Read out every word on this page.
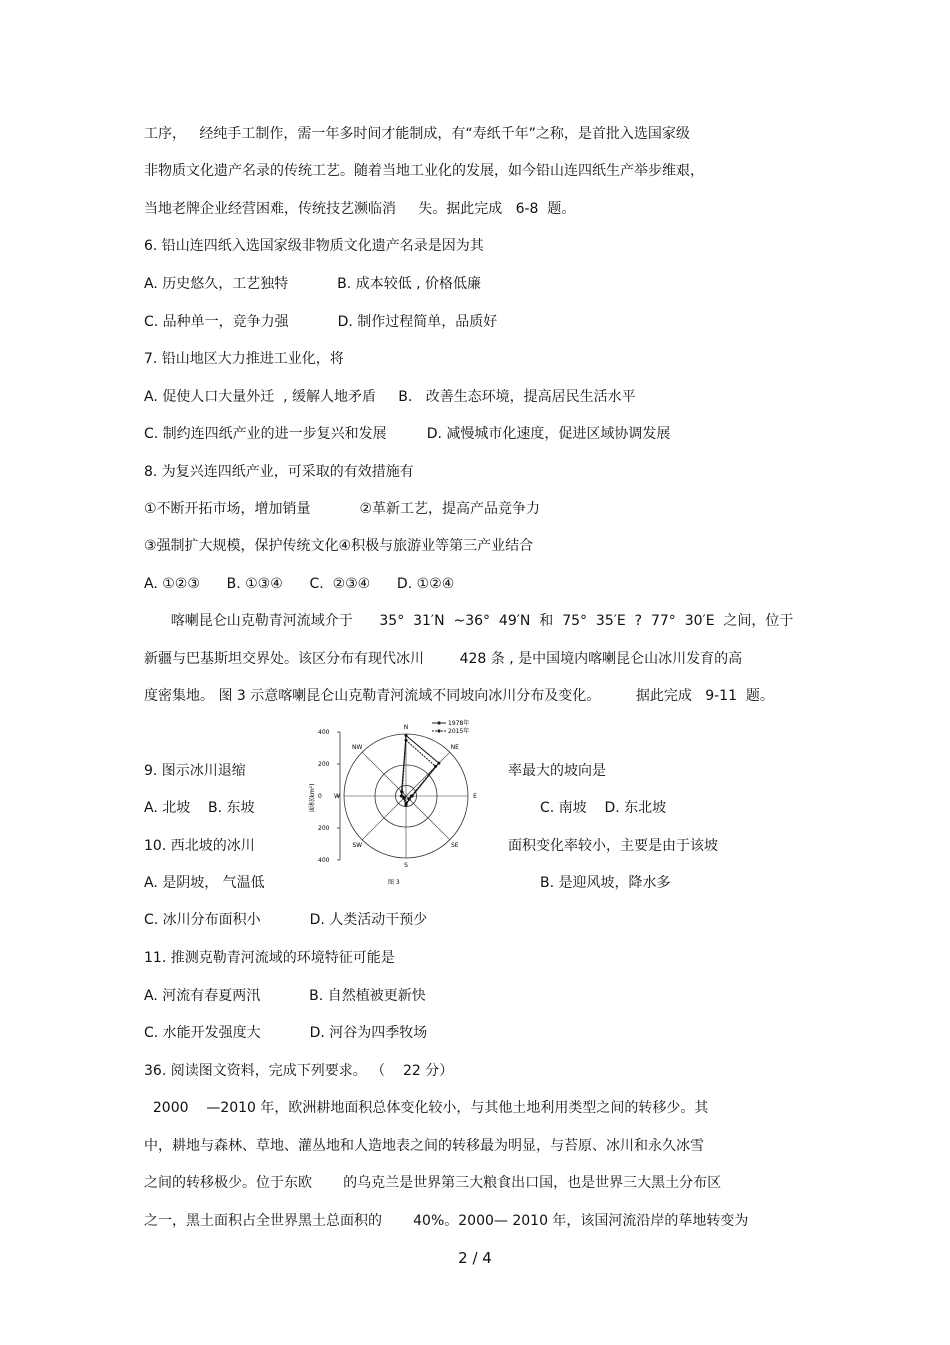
工序，   经纯手工制作，需一年多时间才能制成，有“寿纸千年”之称，是首批入选国家级
非物质文化遗产名录的传统工艺。随着当地工业化的发展，如今铅山连四纸生产举步维艰，
当地老牌企业经营困难，传统技艺濒临消     失。据此完成   6-8  题。
6. 铅山连四纸入选国家级非物质文化遗产名录是因为其
A. 历史悠久，工艺独特           B. 成本较低 , 价格低廉
C. 品种单一，竞争力强           D. 制作过程简单，品质好
7. 铅山地区大力推进工业化，将
A. 促使人口大量外迁  , 缓解人地矛盾     B.   改善生态环境，提高居民生活水平
C. 制约连四纸产业的进一步复兴和发展         D. 减慢城市化速度，促进区域协调发展
8. 为复兴连四纸产业，可采取的有效措施有
①不断开拓市场，增加销量           ②革新工艺，提高产品竞争力
③强制扩大规模，保护传统文化④积极与旅游业等第三产业结合
A. ①②③      B. ①③④      C.  ②③④      D. ①②④
喀喇昆仑山克勒青河流域介于      35°  31′N  ~36°  49′N  和  75°  35′E  ?  77°  30′E  之间，位于
新疆与巴基斯坦交界处。该区分布有现代冰川        428 条 , 是中国境内喀喇昆仑山冰川发育的高
度密集地。 图 3 示意喀喇昆仑山克勒青河流域不同坡向冰川分布及变化。        据此完成   9-11  题。
9. 图示冰川退缩	率最大的坡向是
A. 北坡    B. 东坡	C. 南坡    D. 东北坡
10. 西北坡的冰川	面积变化率较小，主要是由于该坡
A. 是阴坡， 气温低	B. 是迎风坡，降水多
C. 冰川分布面积小           D. 人类活动干预少
11. 推测克勒青河流域的环境特征可能是
A. 河流有春夏两汛           B. 自然植被更新快
C. 水能开发强度大           D. 河谷为四季牧场
36. 阅读图文资料，完成下列要求。 （    22 分）
2000    —2010 年，欧洲耕地面积总体变化较小，与其他土地利用类型之间的转移少。其
中，耕地与森林、草地、灌丛地和人造地表之间的转移最为明显，与苔原、冰川和永久冰雪
之间的转移极少。位于东欧       的乌克兰是世界第三大粮食出口国，也是世界三大黑土分布区
之一，黑土面积占全世界黑土总面积的       40%。2000— 2010 年，该国河流沿岸的荜地转变为
400
200
0
200
400
N
NE
E
SE
S
SW
W
NW
面积(km²)
图 3
1978年
2015年
2 / 4
